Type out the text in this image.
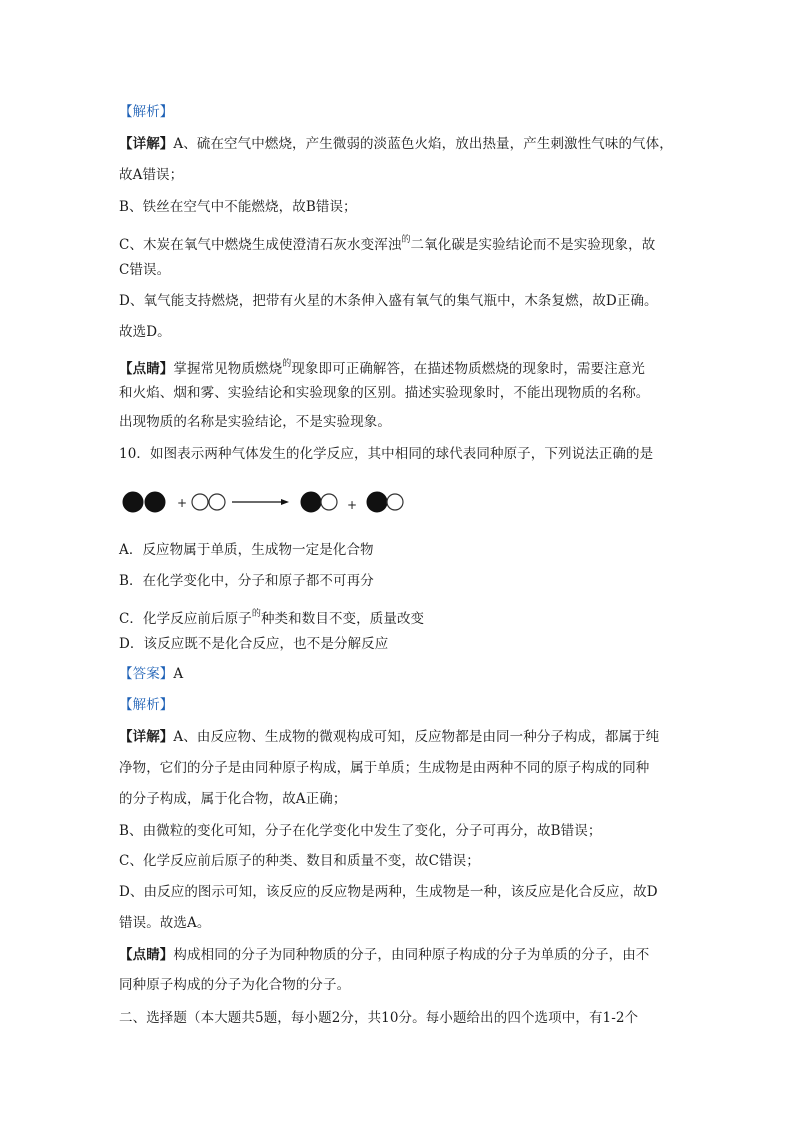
【解析】
【详解】A、硫在空气中燃烧，产生微弱的淡蓝色火焰，放出热量，产生刺激性气味的气体，
故A错误；
B、铁丝在空气中不能燃烧，故B错误；
C、木炭在氧气中燃烧生成使澄清石灰水变浑浊$^的$二氧化碳是实验结论而不是实验现象，故
C错误。
D、氧气能支持燃烧，把带有火星的木条伸入盛有氧气的集气瓶中，木条复燃，故D正确。
故选D。
【点睛】掌握常见物质燃烧$^的$现象即可正确解答，在描述物质燃烧的现象时，需要注意光
和火焰、烟和雾、实验结论和实验现象的区别。描述实验现象时，不能出现物质的名称。
出现物质的名称是实验结论，不是实验现象。
10．如图表示两种气体发生的化学反应，其中相同的球代表同种原子，下列说法正确的是
+	+
A．反应物属于单质，生成物一定是化合物
B．在化学变化中，分子和原子都不可再分
C．化学反应前后原子$^的$种类和数目不变，质量改变
D．该反应既不是化合反应，也不是分解反应
【答案】A
【解析】
【详解】A、由反应物、生成物的微观构成可知，反应物都是由同一种分子构成，都属于纯
净物，它们的分子是由同种原子构成，属于单质；生成物是由两种不同的原子构成的同种
的分子构成，属于化合物，故A正确；
B、由微粒的变化可知，分子在化学变化中发生了变化，分子可再分，故B错误；
C、化学反应前后原子的种类、数目和质量不变，故C错误；
D、由反应的图示可知，该反应的反应物是两种，生成物是一种，该反应是化合反应，故D
错误。故选A。
【点睛】构成相同的分子为同种物质的分子，由同种原子构成的分子为单质的分子，由不
同种原子构成的分子为化合物的分子。
二、选择题（本大题共5题，每小题2分，共10分。每小题给出的四个选项中，有1-2个
